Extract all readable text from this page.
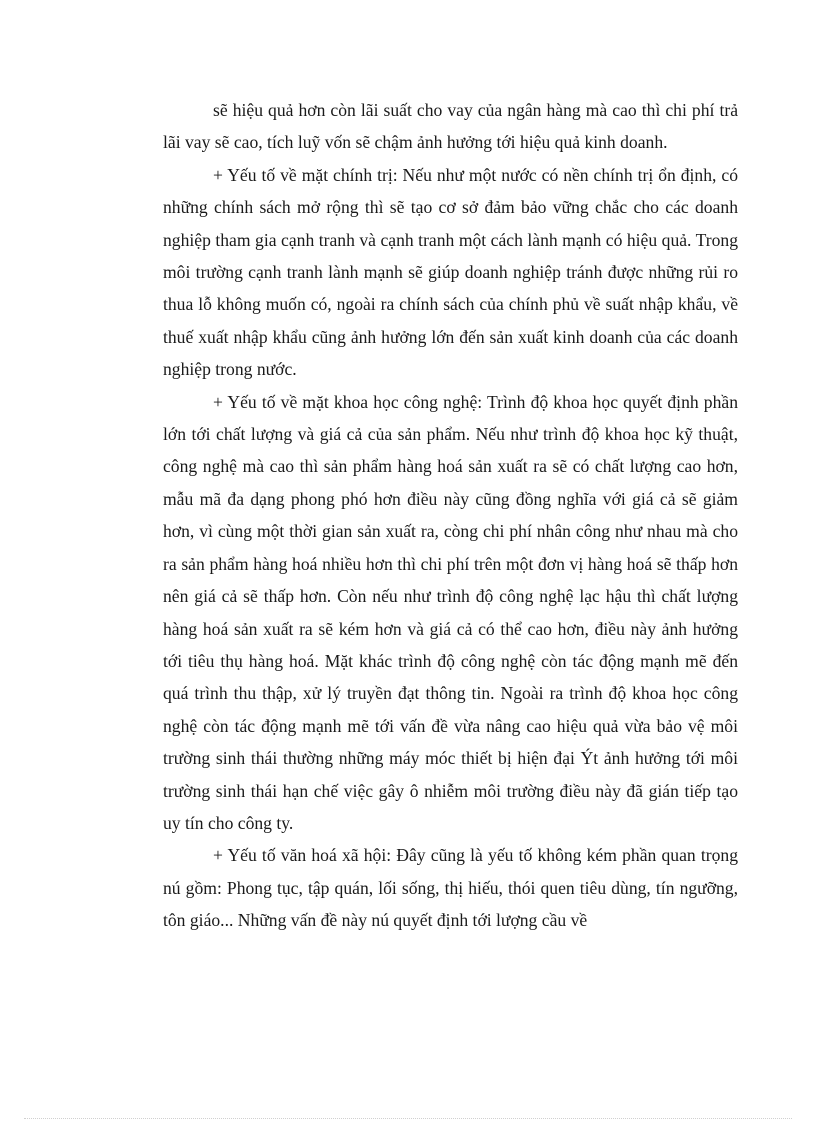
sẽ hiệu quả hơn còn lãi suất cho vay của ngân hàng mà cao thì chi phí trả lãi vay sẽ cao, tích luỹ vốn sẽ chậm ảnh hưởng tới hiệu quả kinh doanh.

+ Yếu tố về mặt chính trị: Nếu như một nước có nền chính trị ổn định, có những chính sách mở rộng thì sẽ tạo cơ sở đảm bảo vững chắc cho các doanh nghiệp tham gia cạnh tranh và cạnh tranh một cách lành mạnh có hiệu quả. Trong môi trường cạnh tranh lành mạnh sẽ giúp doanh nghiệp tránh được những rủi ro thua lỗ không muốn có, ngoài ra chính sách của chính phủ về suất nhập khẩu, về thuế xuất nhập khẩu cũng ảnh hưởng lớn đến sản xuất kinh doanh của các doanh nghiệp trong nước.

+ Yếu tố về mặt khoa học công nghệ: Trình độ khoa học quyết định phần lớn tới chất lượng và giá cả của sản phẩm. Nếu như trình độ khoa học kỹ thuật, công nghệ mà cao thì sản phẩm hàng hoá sản xuất ra sẽ có chất lượng cao hơn, mẫu mã đa dạng phong phó hơn điều này cũng đồng nghĩa với giá cả sẽ giảm hơn, vì cùng một thời gian sản xuất ra, còng chi phí nhân công như nhau mà cho ra sản phẩm hàng hoá nhiều hơn thì chi phí trên một đơn vị hàng hoá sẽ thấp hơn nên giá cả sẽ thấp hơn. Còn nếu như trình độ công nghệ lạc hậu thì chất lượng hàng hoá sản xuất ra sẽ kém hơn và giá cả có thể cao hơn, điều này ảnh hưởng tới tiêu thụ hàng hoá. Mặt khác trình độ công nghệ còn tác động mạnh mẽ đến quá trình thu thập, xử lý truyền đạt thông tin. Ngoài ra trình độ khoa học công nghệ còn tác động mạnh mẽ tới vấn đề vừa nâng cao hiệu quả vừa bảo vệ môi trường sinh thái thường những máy móc thiết bị hiện đại Ýt ảnh hưởng tới môi trường sinh thái hạn chế việc gây ô nhiễm môi trường điều này đã gián tiếp tạo uy tín cho công ty.

+ Yếu tố văn hoá xã hội: Đây cũng là yếu tố không kém phần quan trọng nú gồm: Phong tục, tập quán, lối sống, thị hiếu, thói quen tiêu dùng, tín ngưỡng, tôn giáo... Những vấn đề này nú quyết định tới lượng cầu về
